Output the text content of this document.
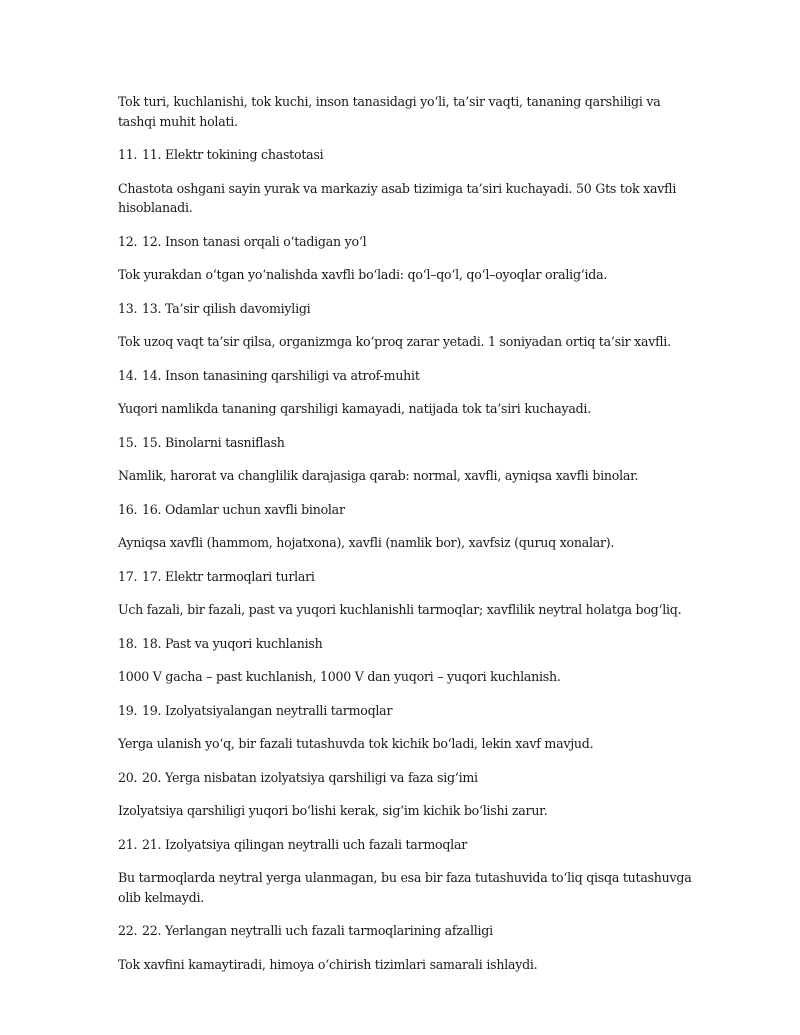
Tok turi, kuchlanishi, tok kuchi, inson tanasidagi yo‘li, ta’sir vaqti, tananing qarshiligi va tashqi muhit holati.

11. 11. Elektr tokining chastotasi

Chastota oshgani sayin yurak va markaziy asab tizimiga ta’siri kuchayadi. 50 Gts tok xavfli hisoblanadi.

12. 12. Inson tanasi orqali o‘tadigan yo‘l

Tok yurakdan o‘tgan yo‘nalishda xavfli bo‘ladi: qo‘l–qo‘l, qo‘l–oyoqlar oralig‘ida.

13. 13. Ta’sir qilish davomiyligi

Tok uzoq vaqt ta’sir qilsa, organizmga ko‘proq zarar yetadi. 1 soniyadan ortiq ta’sir xavfli.

14. 14. Inson tanasining qarshiligi va atrof-muhit

Yuqori namlikda tananing qarshiligi kamayadi, natijada tok ta’siri kuchayadi.

15. 15. Binolarni tasniflash

Namlik, harorat va changlilik darajasiga qarab: normal, xavfli, ayniqsa xavfli binolar.

16. 16. Odamlar uchun xavfli binolar

Ayniqsa xavfli (hammom, hojatxona), xavfli (namlik bor), xavfsiz (quruq xonalar).

17. 17. Elektr tarmoqlari turlari

Uch fazali, bir fazali, past va yuqori kuchlanishli tarmoqlar; xavflilik neytral holatga bog‘liq.

18. 18. Past va yuqori kuchlanish

1000 V gacha – past kuchlanish, 1000 V dan yuqori – yuqori kuchlanish.

19. 19. Izolyatsiyalangan neytralli tarmoqlar

Yerga ulanish yo‘q, bir fazali tutashuvda tok kichik bo‘ladi, lekin xavf mavjud.

20. 20. Yerga nisbatan izolyatsiya qarshiligi va faza sig‘imi

Izolyatsiya qarshiligi yuqori bo‘lishi kerak, sig‘im kichik bo‘lishi zarur.

21. 21. Izolyatsiya qilingan neytralli uch fazali tarmoqlar

Bu tarmoqlarda neytral yerga ulanmagan, bu esa bir faza tutashuvida to‘liq qisqa tutashuvga olib kelmaydi.

22. 22. Yerlangan neytralli uch fazali tarmoqlarining afzalligi

Tok xavfini kamaytiradi, himoya o‘chirish tizimlari samarali ishlaydi.
